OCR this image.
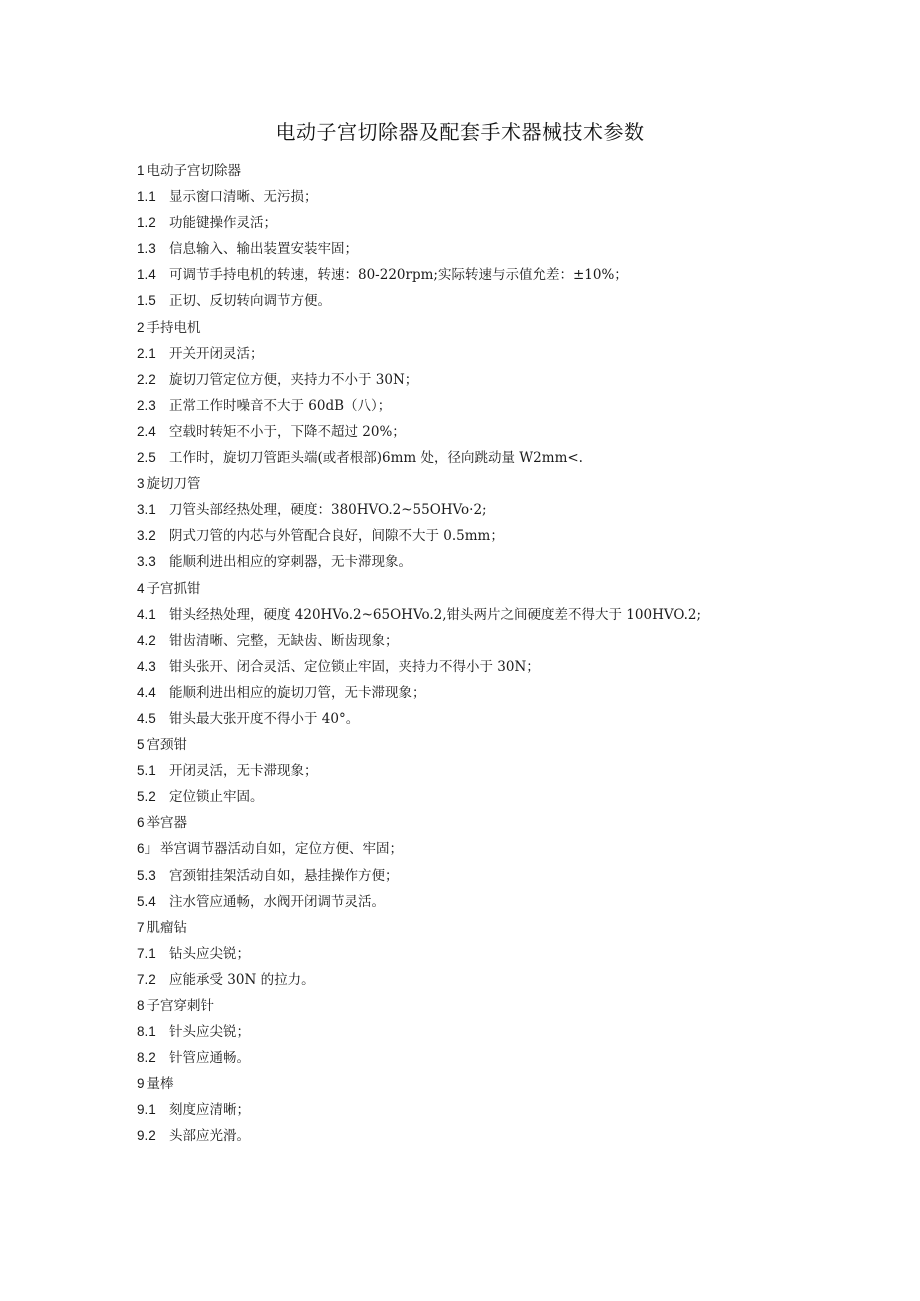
电动子宫切除器及配套手术器械技术参数
1 电动子宫切除器
1.1 显示窗口清晰、无污损；
1.2 功能键操作灵活；
1.3 信息输入、输出装置安装牢固；
1.4 可调节手持电机的转速，转速：80-220rpm;实际转速与示值允差：±10%；
1.5 正切、反切转向调节方便。
2 手持电机
2.1 开关开闭灵活；
2.2 旋切刀管定位方便，夹持力不小于 30N；
2.3 正常工作时噪音不大于 60dB（八）；
2.4 空载时转矩不小于，下降不超过 20%；
2.5 工作时，旋切刀管距头端(或者根部)6mm 处，径向跳动量 W2mm<.
3 旋切刀管
3.1 刀管头部经热处理，硬度：380HVO.2~55OHVo·2;
3.2 阴式刀管的内芯与外管配合良好，间隙不大于 0.5mm；
3.3 能顺利进出相应的穿刺器，无卡滞现象。
4 子宫抓钳
4.1 钳头经热处理，硬度 420HVo.2~65OHVo.2,钳头两片之间硬度差不得大于 100HVO.2;
4.2 钳齿清晰、完整，无缺齿、断齿现象；
4.3 钳头张开、闭合灵活、定位锁止牢固，夹持力不得小于 30N；
4.4 能顺利进出相应的旋切刀管，无卡滞现象；
4.5 钳头最大张开度不得小于 40°。
5 宫颈钳
5.1 开闭灵活，无卡滞现象；
5.2 定位锁止牢固。
6 举宫器
6」 举宫调节器活动自如，定位方便、牢固；
5.3 宫颈钳挂架活动自如，悬挂操作方便；
5.4 注水管应通畅，水阀开闭调节灵活。
7 肌瘤钻
7.1 钻头应尖锐；
7.2 应能承受 30N 的拉力。
8 子宫穿刺针
8.1 针头应尖锐；
8.2 针管应通畅。
9 量棒
9.1 刻度应清晰；
9.2 头部应光滑。
